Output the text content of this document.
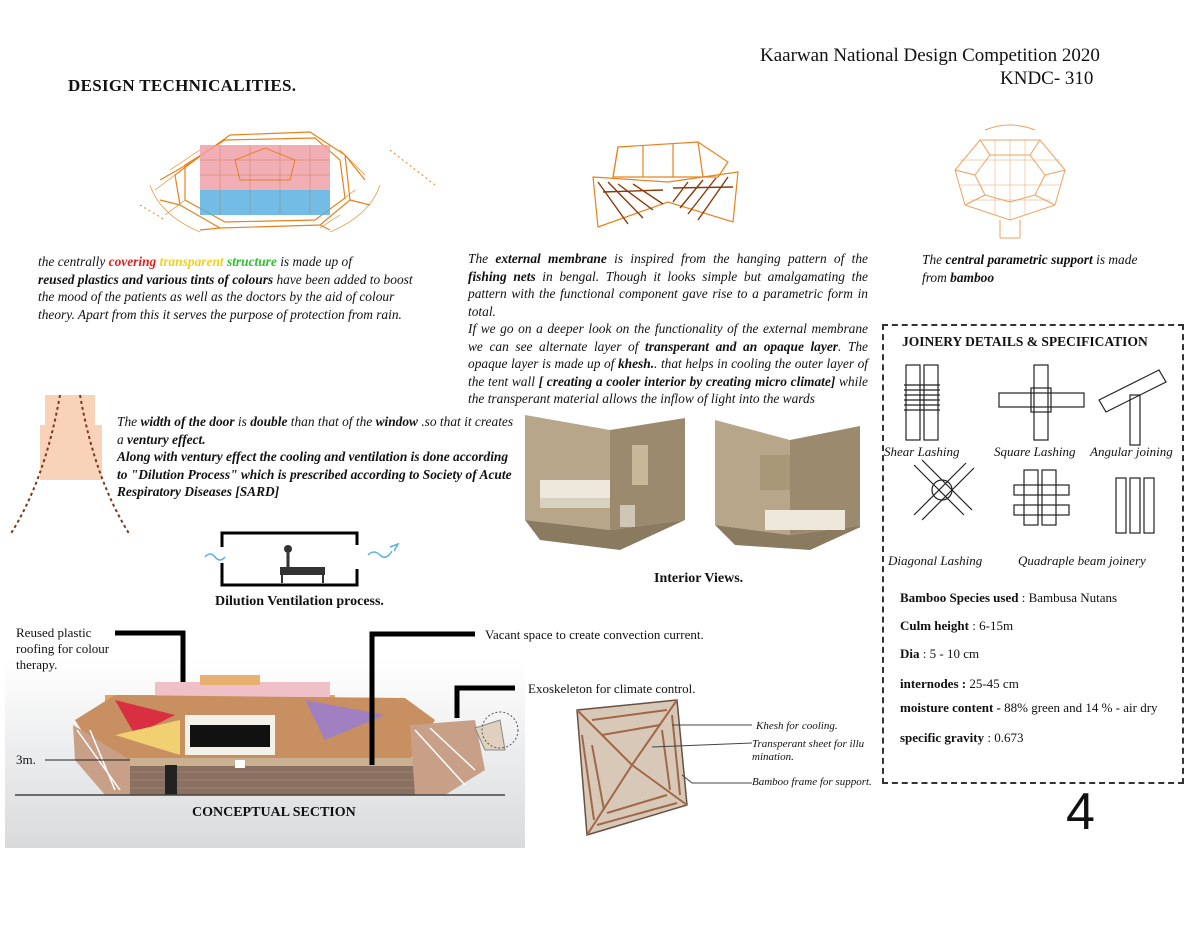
Kaarwan National Design Competition 2020
KNDC- 310
DESIGN TECHNICALITIES.
the centrally covering transparent structure is made up of
reused plastics and various tints of colours have been added to boost the mood of the patients as well as the doctors by the aid of colour theory. Apart from this it serves the purpose of protection from rain.
The external membrane is inspired from the hanging pattern of the fishing nets in bengal. Though it looks simple but amalgamating the pattern with the functional component gave rise to a parametric form in total.
If we go on a deeper look on the functionality of the external membrane we can see alternate layer of transperant and an opaque layer. The opaque layer is made up of khesh.. that helps in cooling the outer layer of the tent wall [ creating a cooler interior by creating micro climate] while the transperant material allows the inflow of light into the wards
The central parametric support is made from bamboo
The width of the door is double than that of the window .so that it creates a ventury effect.
Along with ventury effect the cooling and ventilation is done according to "Dilution Process" which is prescribed according to Society of Acute Respiratory Diseases [SARD]
Dilution Ventilation process.
Interior Views.
JOINERY DETAILS & SPECIFICATION
Shear Lashing	Square Lashing Angular joining
Diagonal Lashing	Quadraple beam joinery
Bamboo Species used : Bambusa Nutans
Culm height : 6-15m
Dia : 5 - 10 cm
internodes : 25-45 cm
moisture content - 88% green and 14 % - air dry
specific gravity : 0.673
Reused plastic roofing for colour therapy.
Vacant space to create convection current.
Exoskeleton for climate control.
3m.
CONCEPTUAL SECTION
Khesh for cooling.
Transperant sheet for illu mination.
Bamboo frame for support.
4
